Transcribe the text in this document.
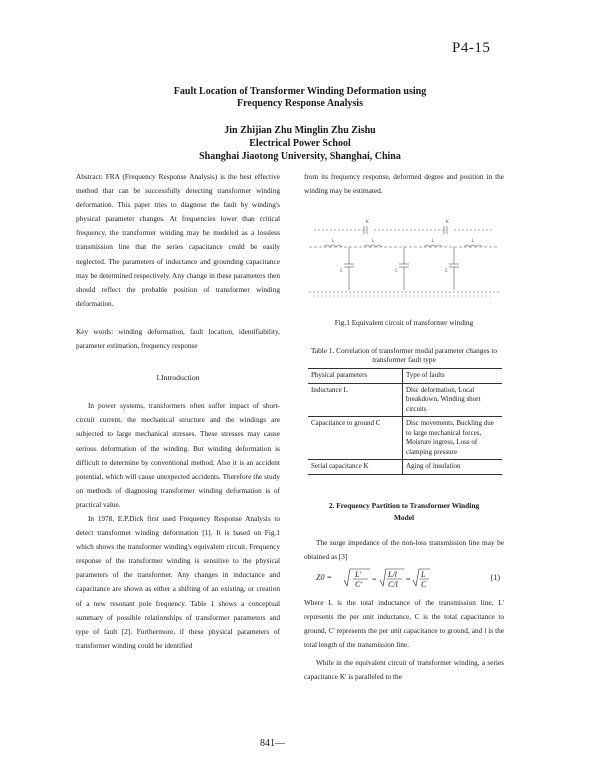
P4-15
Fault Location of Transformer Winding Deformation using
Frequency Response Analysis
Jin Zhijian Zhu Minglin Zhu Zishu
Electrical Power School
Shanghai Jiaotong University, Shanghai, China

Abstract: FRA (Frequency Response Analysis) is the best effective method that can be successfully detecting transformer winding deformation. This paper tries to diagnose the fault by winding's physical parameter changes. At frequencies lower than critical frequency, the transformer winding may be modeled as a lossless transmission line that the series capacitance could be easily neglected. The parameters of inductance and grounding capacitance may be determined respectively. Any change in these parameters then should reflect the probable position of transformer winding deformation.

Key words: winding deformation, fault location, identifiability, parameter estimation, frequency response

I.Introduction

In power systems, transformers often suffer impact of short-circuit current, the mechanical structure and the windings are subjected to large mechanical stresses. These stresses may cause serious deformation of the winding. But winding deformation is difficult to determine by conventional method. Also it is an accident potential, which will cause unexpected accidents. Therefore the study on methods of diagnosing transformer winding deformation is of practical value.

In 1978, E.P.Dick first used Frequency Response Analysis to detect transformer winding deformation [1]. It is based on Fig.1 which shows the transformer winding's equivalent circuit. Frequency response of the transformer winding is sensitive to the physical parameters of the transformer. Any changes in inductance and capacitance are shown as either a shifting of an existing, or creation of a new resonant pole frequency. Table 1 shows a conceptual summary of possible relationships of transformer parameters and type of fault [2]. Furthermore, if these physical parameters of transformer winding could be identified

from its frequency response, deformed degree and position in the winding may be estimated.

K	K
L	L	L	L
C	C	C
Fig.1 Equivalent circuit of transformer winding
Table 1. Correlation of transformer modal parameter changes to transformer fault type
Physical parameters	Type of faults
Inductance L	Disc deformation, Local breakdown, Winding short circuits
Capacitance to ground C	Disc movements, Buckling due to large mechanical forces, Moisture ingress, Loss of clamping pressure
Serial capacitance K	Aging of insulation
2. Frequency Partition to Transformer Winding
Model

The surge impedance of the non-loss transmission line may be obtained as [3]

Z0 =	L'
C'
=
L/l
C/l
=
L
C
(1)

Where L is the total inductance of the transmission line, L' represents the per unit inductance, C is the total capacitance to ground, C' represents the per unit capacitance to ground, and l is the total length of the transmission line.

While in the equivalent circuit of transformer winding, a series capacitance K' is paralleled to the

841—
